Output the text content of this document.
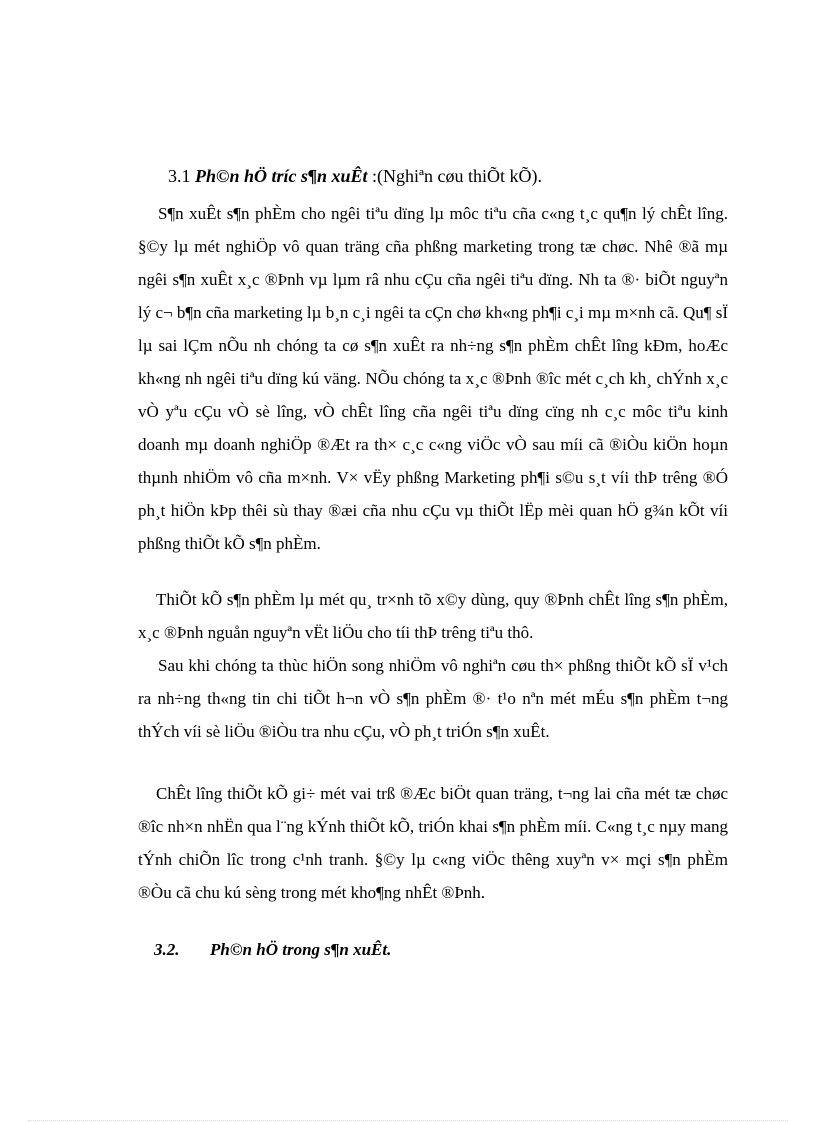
3.1 Ph©n hÖ tríc s¶n xuÊt :(Nghiªn cøu thiÕt kÕ).

S¶n xuÊt s¶n phÈm cho ngêi tiªu dïng lµ môc tiªu cña c«ng t¸c qu¶n lý chÊt lîng. §©y lµ mét nghiÖp vô quan träng cña phßng marketing trong tæ chøc. Nhê ®ã mµ ngêi s¶n xuÊt x¸c ®Þnh vµ lµm râ nhu cÇu cña ngêi tiªu dïng. Nh ta ®· biÕt nguyªn lý c¬ b¶n cña marketing lµ b¸n c¸i ngêi ta cÇn chø kh«ng ph¶i c¸i mµ m×nh cã. Qu¶ sÏ lµ sai lÇm nÕu nh chóng ta cø s¶n xuÊt ra nh÷ng s¶n phÈm chÊt lîng kÐm, hoÆc kh«ng nh ngêi tiªu dïng kú väng. NÕu chóng ta x¸c ®Þnh ®îc mét c¸ch kh¸ chÝnh x¸c vÒ yªu cÇu vÒ sè lîng, vÒ chÊt lîng cña ngêi tiªu dïng cïng nh c¸c môc tiªu kinh doanh mµ doanh nghiÖp ®Æt ra th× c¸c c«ng viÖc vÒ sau míi cã ®iÒu kiÖn hoµn thµnh nhiÖm vô cña m×nh. V× vËy phßng Marketing ph¶i s©u s¸t víi thÞ trêng ®Ó ph¸t hiÖn kÞp thêi sù thay ®æi cña nhu cÇu vµ thiÕt lËp mèi quan hÖ g¾n kÕt víi phßng thiÕt kÕ s¶n phÈm.

ThiÕt kÕ s¶n phÈm lµ mét qu¸ tr×nh tõ x©y dùng, quy ®Þnh chÊt lîng s¶n phÈm, x¸c ®Þnh nguån nguyªn vËt liÖu cho tíi thÞ trêng tiªu thô.

Sau khi chóng ta thùc hiÖn song nhiÖm vô nghiªn cøu th× phßng thiÕt kÕ sÏ v¹ch ra nh÷ng th«ng tin chi tiÕt h¬n vÒ s¶n phÈm ®· t¹o nªn mét mÉu s¶n phÈm t¬ng thÝch víi sè liÖu ®iÒu tra nhu cÇu, vÒ ph¸t triÓn s¶n xuÊt.

ChÊt lîng thiÕt kÕ gi÷ mét vai trß ®Æc biÖt quan träng, t¬ng lai cña mét tæ chøc ®îc nh×n nhËn qua l¨ng kÝnh thiÕt kÕ, triÓn khai s¶n phÈm míi. C«ng t¸c nµy mang tÝnh chiÕn lîc trong c¹nh tranh. §©y lµ c«ng viÖc thêng xuyªn v× mçi s¶n phÈm ®Òu cã chu kú sèng trong mét kho¶ng nhÊt ®Þnh.

3.2. Ph©n hÖ trong s¶n xuÊt.
